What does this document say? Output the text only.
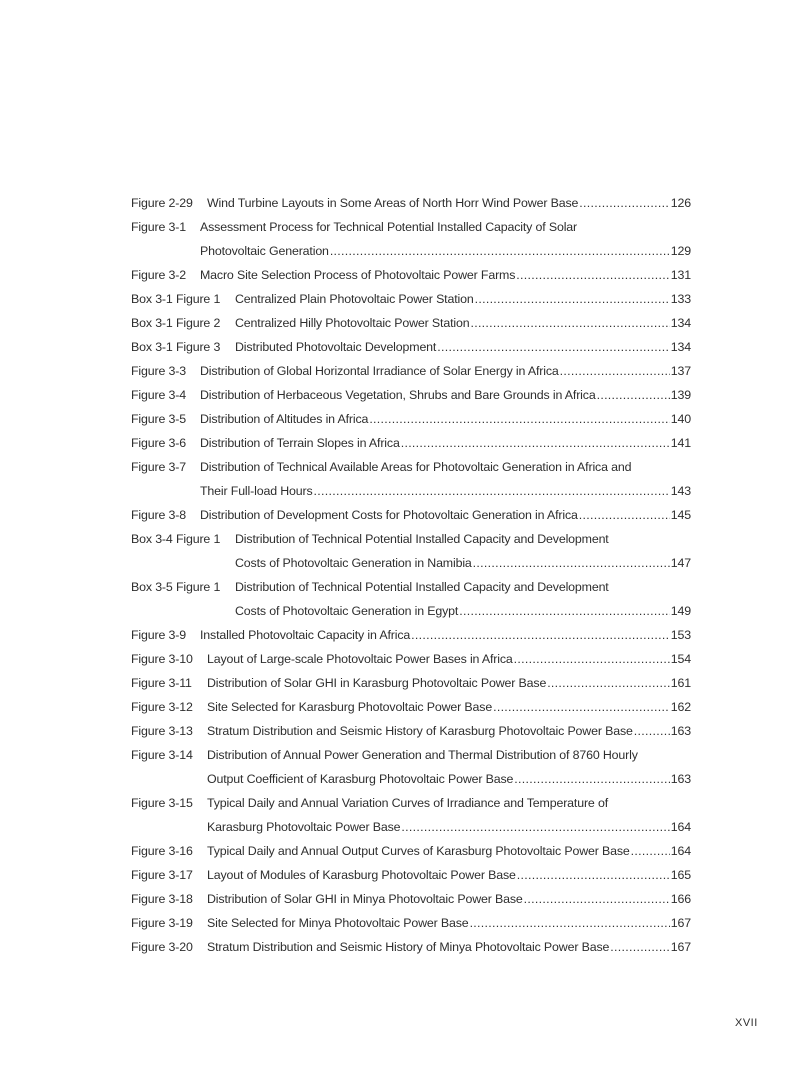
Figure 2-29 Wind Turbine Layouts in Some Areas of North Horr Wind Power Base .....	126
Figure 3-1 Assessment Process for Technical Potential Installed Capacity of Solar
Photovoltaic Generation .....	129
Figure 3-2 Macro Site Selection Process of Photovoltaic Power Farms .....	131
Box 3-1 Figure 1 Centralized Plain Photovoltaic Power Station .....	133
Box 3-1 Figure 2 Centralized Hilly Photovoltaic Power Station .....	134
Box 3-1 Figure 3 Distributed Photovoltaic Development .....	134
Figure 3-3 Distribution of Global Horizontal Irradiance of Solar Energy in Africa .....	137
Figure 3-4 Distribution of Herbaceous Vegetation, Shrubs and Bare Grounds in Africa .....	139
Figure 3-5 Distribution of Altitudes in Africa .....	140
Figure 3-6 Distribution of Terrain Slopes in Africa .....	141
Figure 3-7 Distribution of Technical Available Areas for Photovoltaic Generation in Africa and
Their Full-load Hours .....	143
Figure 3-8 Distribution of Development Costs for Photovoltaic Generation in Africa .....	145
Box 3-4 Figure 1 Distribution of Technical Potential Installed Capacity and Development
Costs of Photovoltaic Generation in Namibia .....	147
Box 3-5 Figure 1 Distribution of Technical Potential Installed Capacity and Development
Costs of Photovoltaic Generation in Egypt .....	149
Figure 3-9 Installed Photovoltaic Capacity in Africa .....	153
Figure 3-10 Layout of Large-scale Photovoltaic Power Bases in Africa .....	154
Figure 3-11 Distribution of Solar GHI in Karasburg Photovoltaic Power Base .....	161
Figure 3-12 Site Selected for Karasburg Photovoltaic Power Base .....	162
Figure 3-13 Stratum Distribution and Seismic History of Karasburg Photovoltaic Power Base .....	163
Figure 3-14 Distribution of Annual Power Generation and Thermal Distribution of 8760 Hourly
Output Coefficient of Karasburg Photovoltaic Power Base .....	163
Figure 3-15 Typical Daily and Annual Variation Curves of Irradiance and Temperature of
Karasburg Photovoltaic Power Base .....	164
Figure 3-16 Typical Daily and Annual Output Curves of Karasburg Photovoltaic Power Base .....	164
Figure 3-17 Layout of Modules of Karasburg Photovoltaic Power Base .....	165
Figure 3-18 Distribution of Solar GHI in Minya Photovoltaic Power Base .....	166
Figure 3-19 Site Selected for Minya Photovoltaic Power Base .....	167
Figure 3-20 Stratum Distribution and Seismic History of Minya Photovoltaic Power Base .....	167
XVII
